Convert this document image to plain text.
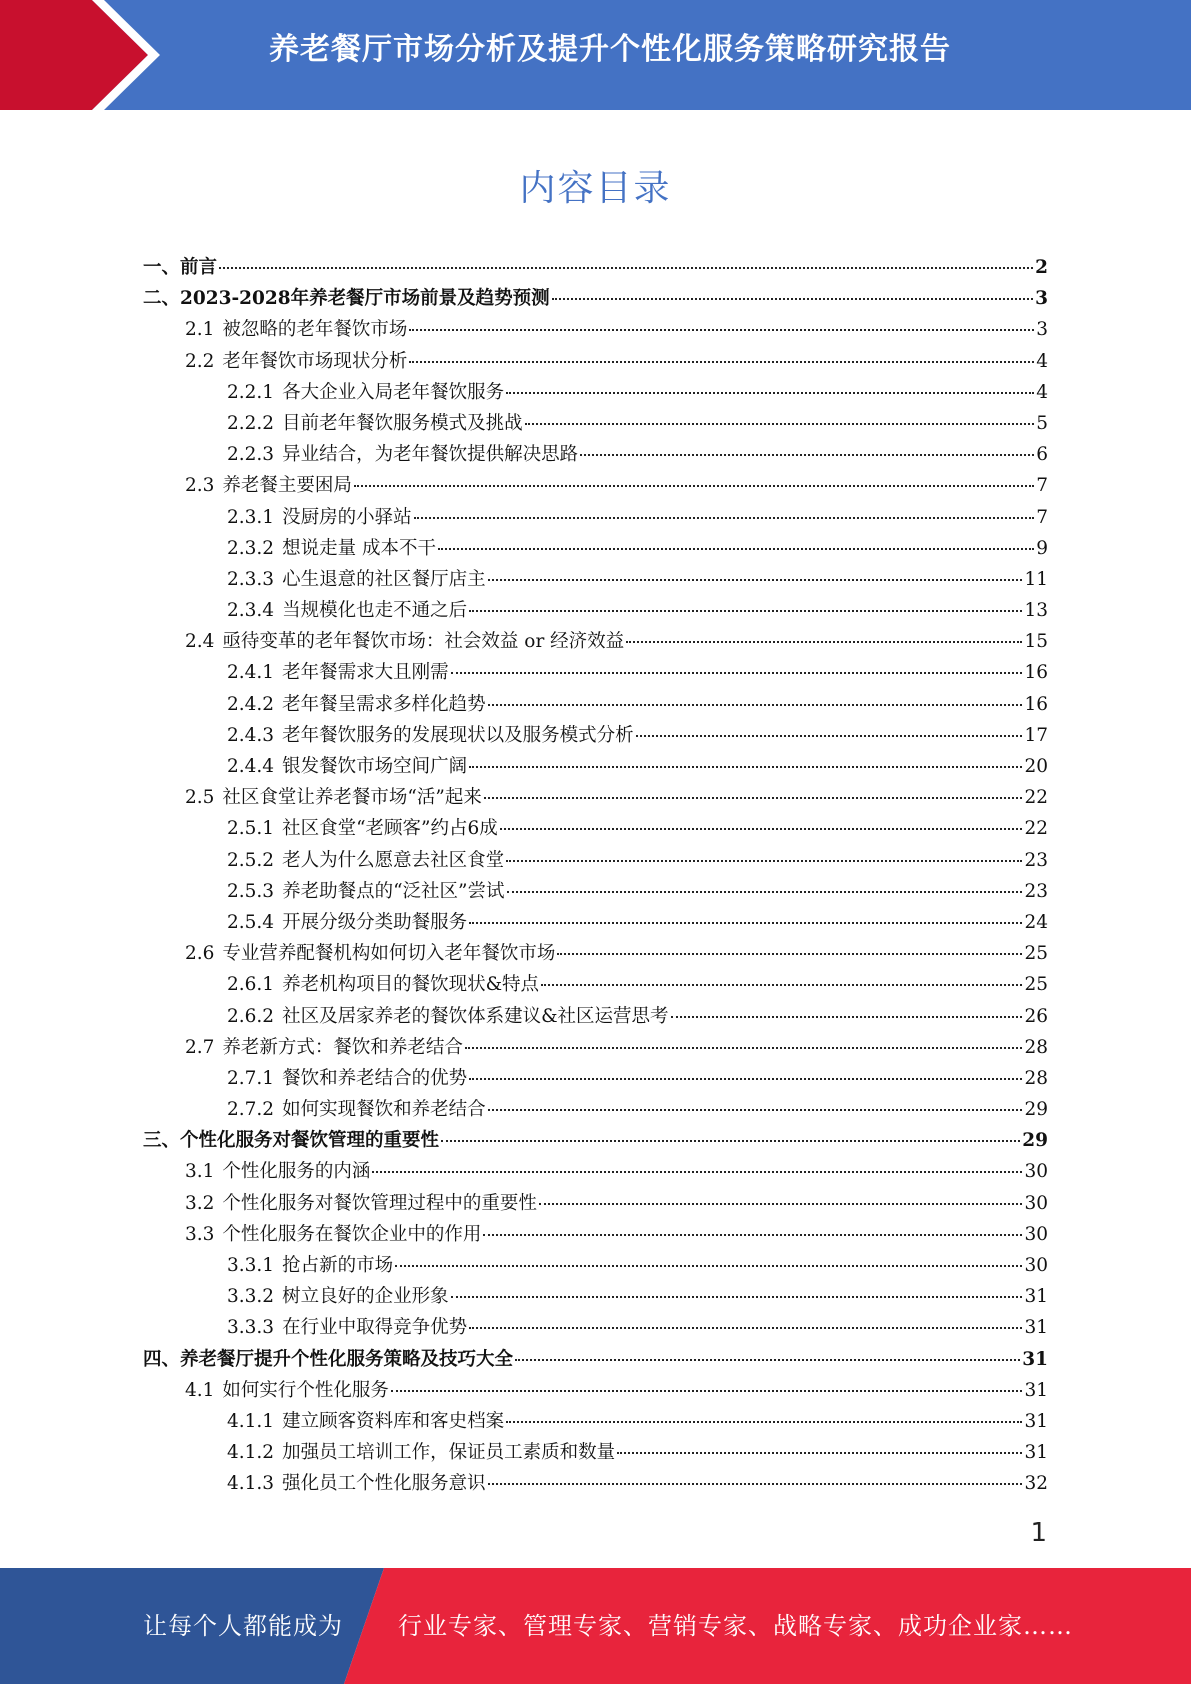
养老餐厅市场分析及提升个性化服务策略研究报告
内容目录
一、前言	2
二、2023-2028年养老餐厅市场前景及趋势预测	3
2.1 被忽略的老年餐饮市场	3
2.2 老年餐饮市场现状分析	4
2.2.1 各大企业入局老年餐饮服务	4
2.2.2 目前老年餐饮服务模式及挑战	5
2.2.3 异业结合，为老年餐饮提供解决思路	6
2.3 养老餐主要困局	7
2.3.1 没厨房的小驿站	7
2.3.2 想说走量 成本不干	9
2.3.3 心生退意的社区餐厅店主	11
2.3.4 当规模化也走不通之后	13
2.4 亟待变革的老年餐饮市场：社会效益 or 经济效益	15
2.4.1 老年餐需求大且刚需	16
2.4.2 老年餐呈需求多样化趋势	16
2.4.3 老年餐饮服务的发展现状以及服务模式分析	17
2.4.4 银发餐饮市场空间广阔	20
2.5 社区食堂让养老餐市场“活”起来	22
2.5.1 社区食堂“老顾客”约占6成	22
2.5.2 老人为什么愿意去社区食堂	23
2.5.3 养老助餐点的“泛社区”尝试	23
2.5.4 开展分级分类助餐服务	24
2.6 专业营养配餐机构如何切入老年餐饮市场	25
2.6.1 养老机构项目的餐饮现状&特点	25
2.6.2 社区及居家养老的餐饮体系建议&社区运营思考	26
2.7 养老新方式：餐饮和养老结合	28
2.7.1 餐饮和养老结合的优势	28
2.7.2 如何实现餐饮和养老结合	29
三、个性化服务对餐饮管理的重要性	29
3.1 个性化服务的内涵	30
3.2 个性化服务对餐饮管理过程中的重要性	30
3.3 个性化服务在餐饮企业中的作用	30
3.3.1 抢占新的市场	30
3.3.2 树立良好的企业形象	31
3.3.3 在行业中取得竞争优势	31
四、养老餐厅提升个性化服务策略及技巧大全	31
4.1 如何实行个性化服务	31
4.1.1 建立顾客资料库和客史档案	31
4.1.2 加强员工培训工作，保证员工素质和数量	31
4.1.3 强化员工个性化服务意识	32
1
让每个人都能成为 行业专家、管理专家、营销专家、战略专家、成功企业家……
